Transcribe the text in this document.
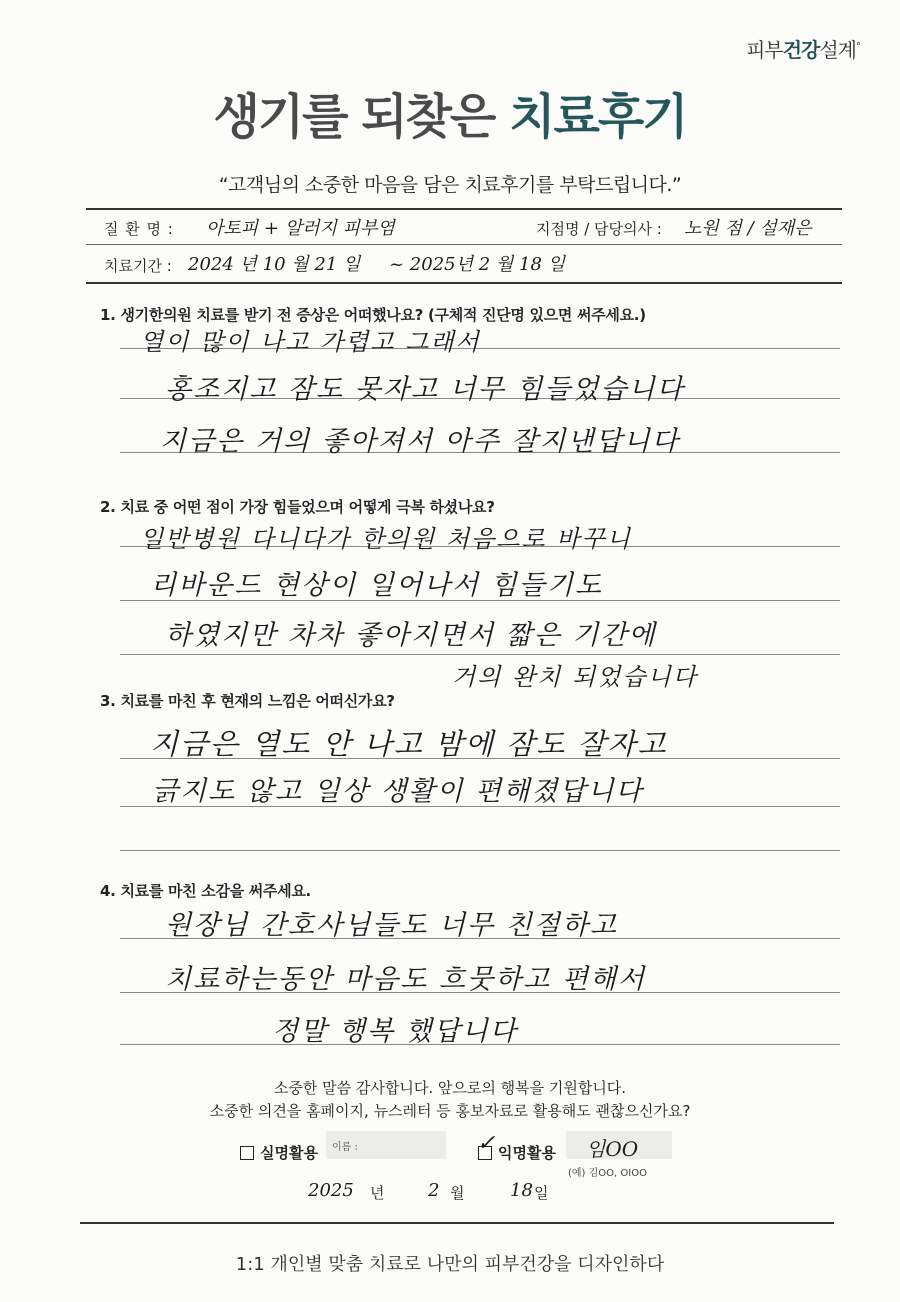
피부건강설계°
생기를 되찾은 치료후기
“고객님의 소중한 마음을 담은 치료후기를 부탁드립니다.”
질 환 명 : 아토피 + 알러지 피부염	지점명 / 담당의사 : 노원 점 / 설재은
치료기간 : 2024 년 10 월 21 일     ~ 2025년 2 월 18 일
1. 생기한의원 치료를 받기 전 증상은 어떠했나요? (구체적 진단명 있으면 써주세요.)
열이 많이 나고 가렵고 그래서
홍조지고 잠도 못자고 너무 힘들었습니다
지금은 거의 좋아져서 아주 잘지낸답니다
2. 치료 중 어떤 점이 가장 힘들었으며 어떻게 극복 하셨나요?
일반병원 다니다가 한의원 처음으로 바꾸니
리바운드 현상이 일어나서 힘들기도
하였지만 차차 좋아지면서 짧은 기간에
거의 완치 되었습니다
3. 치료를 마친 후 현재의 느낌은 어떠신가요?
지금은 열도 안 나고 밤에 잠도 잘자고
긁지도 않고 일상 생활이 편해졌답니다
4. 치료를 마친 소감을 써주세요.
원장님 간호사님들도 너무 친절하고
치료하는동안 마음도 흐뭇하고 편해서
정말 행복 했답니다
소중한 말씀 감사합니다. 앞으로의 행복을 기원합니다.
소중한 의견을 홈페이지, 뉴스레터 등 홍보자료로 활용해도 괜찮으신가요?
실명활용 이름 :	✓ 익명활용 임OO
(예) 김OO, OIOO
2025 년 2 월	18 일
1:1 개인별 맞춤 치료로 나만의 피부건강을 디자인하다
